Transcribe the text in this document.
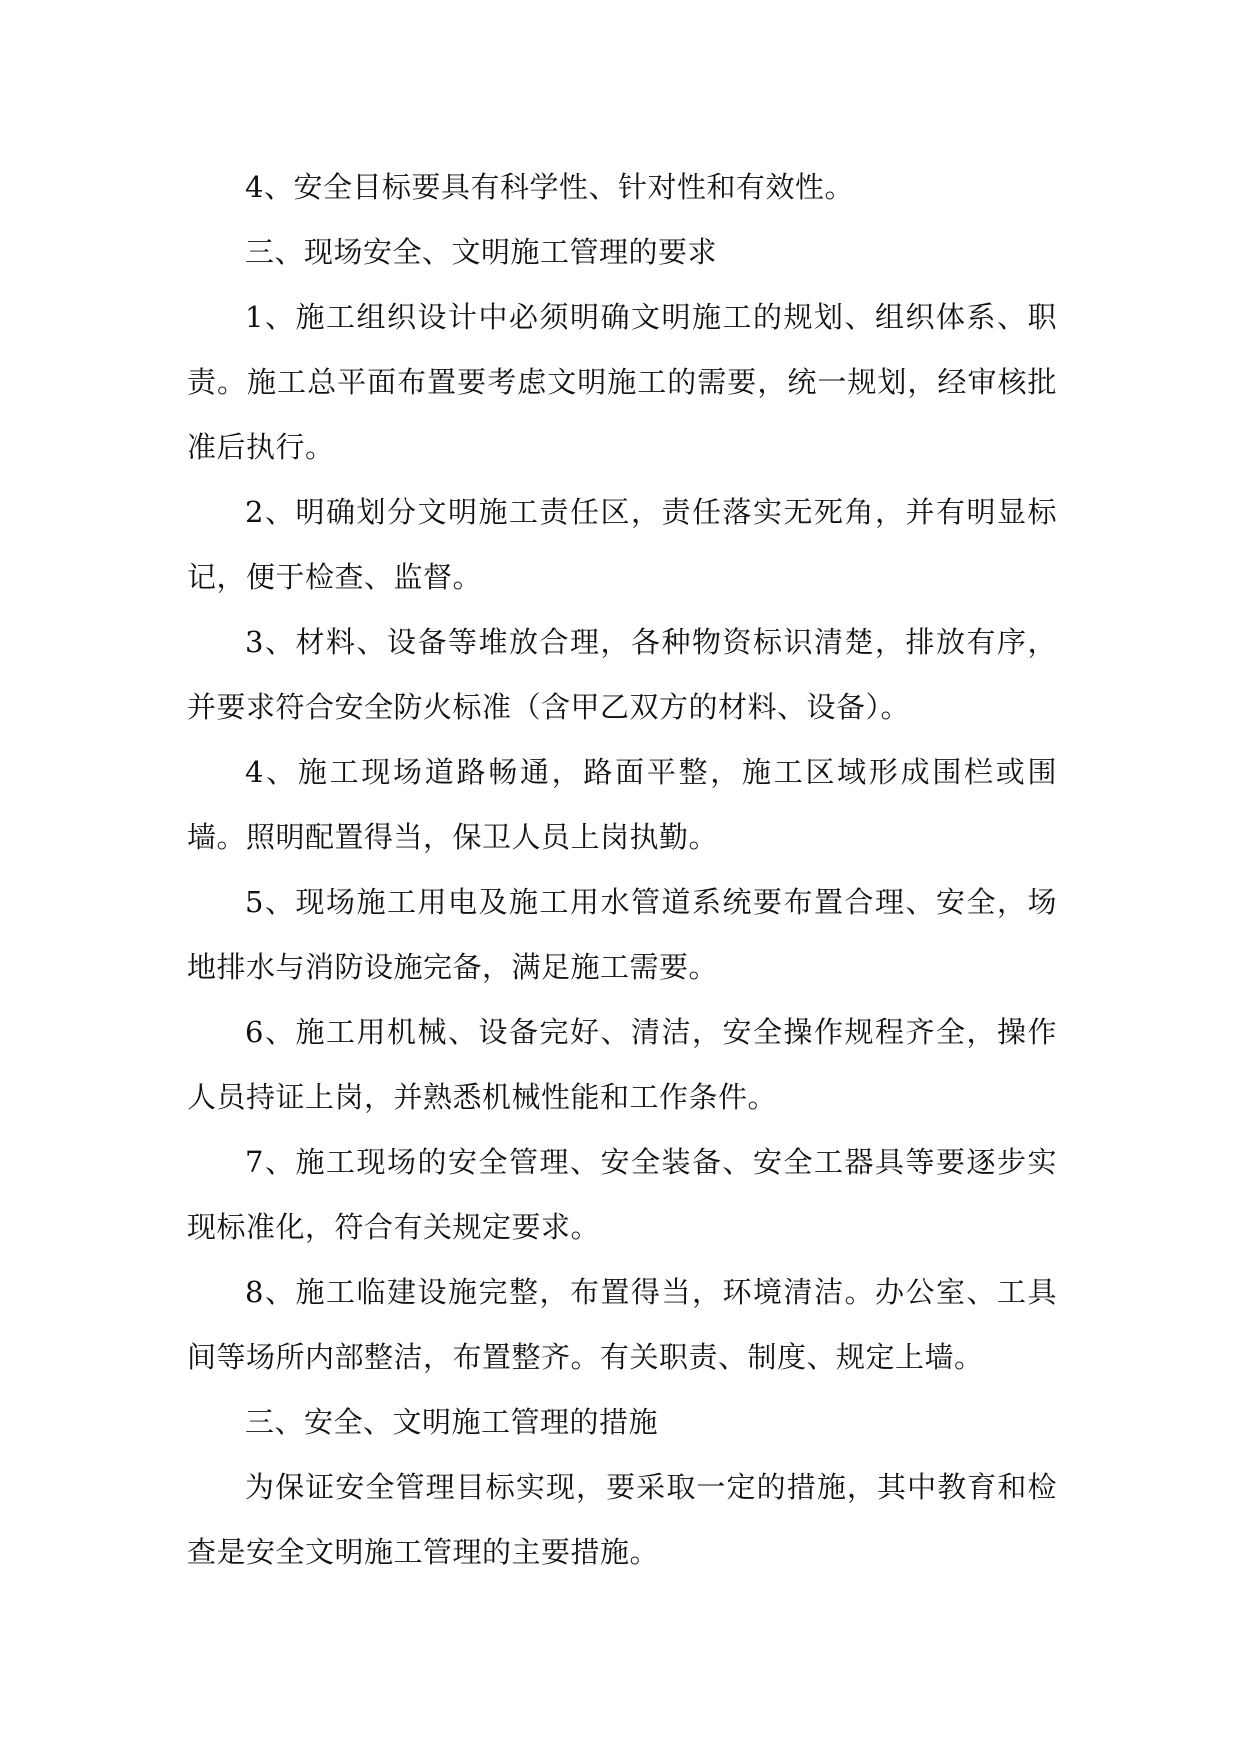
4、安全目标要具有科学性、针对性和有效性。

三、现场安全、文明施工管理的要求

1、施工组织设计中必须明确文明施工的规划、组织体系、职责。施工总平面布置要考虑文明施工的需要，统一规划，经审核批准后执行。

2、明确划分文明施工责任区，责任落实无死角，并有明显标记，便于检查、监督。

3、材料、设备等堆放合理，各种物资标识清楚，排放有序，并要求符合安全防火标准（含甲乙双方的材料、设备）。

4、施工现场道路畅通，路面平整，施工区域形成围栏或围墙。照明配置得当，保卫人员上岗执勤。

5、现场施工用电及施工用水管道系统要布置合理、安全，场地排水与消防设施完备，满足施工需要。

6、施工用机械、设备完好、清洁，安全操作规程齐全，操作人员持证上岗，并熟悉机械性能和工作条件。

7、施工现场的安全管理、安全装备、安全工器具等要逐步实现标准化，符合有关规定要求。

8、施工临建设施完整，布置得当，环境清洁。办公室、工具间等场所内部整洁，布置整齐。有关职责、制度、规定上墙。

三、安全、文明施工管理的措施

为保证安全管理目标实现，要采取一定的措施，其中教育和检查是安全文明施工管理的主要措施。
